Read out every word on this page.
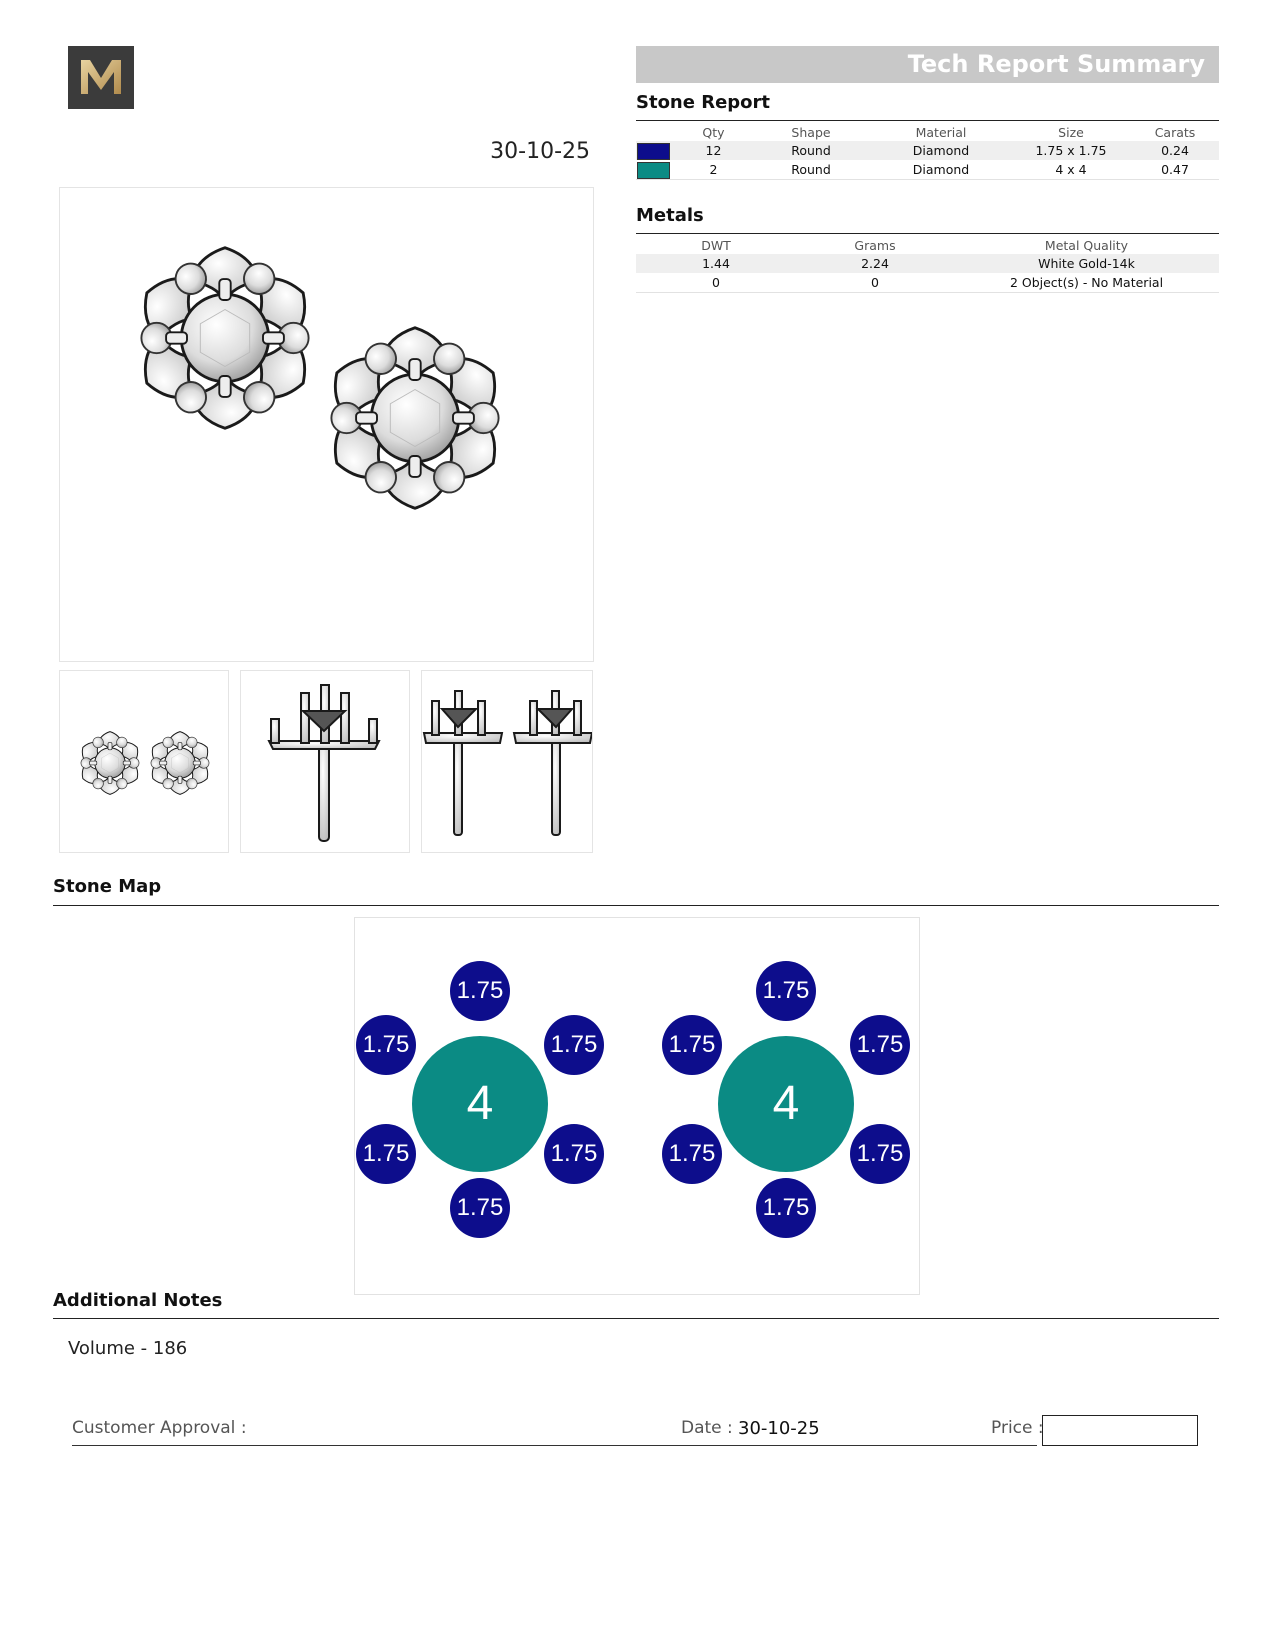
30-10-25
Tech Report Summary
Stone Report
	Qty	Shape	Material	Size	Carats

	12	Round	Diamond	1.75 x 1.75	0.24

	2	Round	Diamond	4 x 4	0.47
Metals
DWT	Grams	Metal Quality
1.44	2.24	White Gold-14k
0	0	2 Object(s) - No Material
Stone Map
1.75
1.75	1.75
1.75	1.75
1.75
4
1.75
1.75	1.75
1.75	1.75
1.75
4
Additional Notes
Volume - 186
Customer Approval :	Date : 30-10-25	Price :
